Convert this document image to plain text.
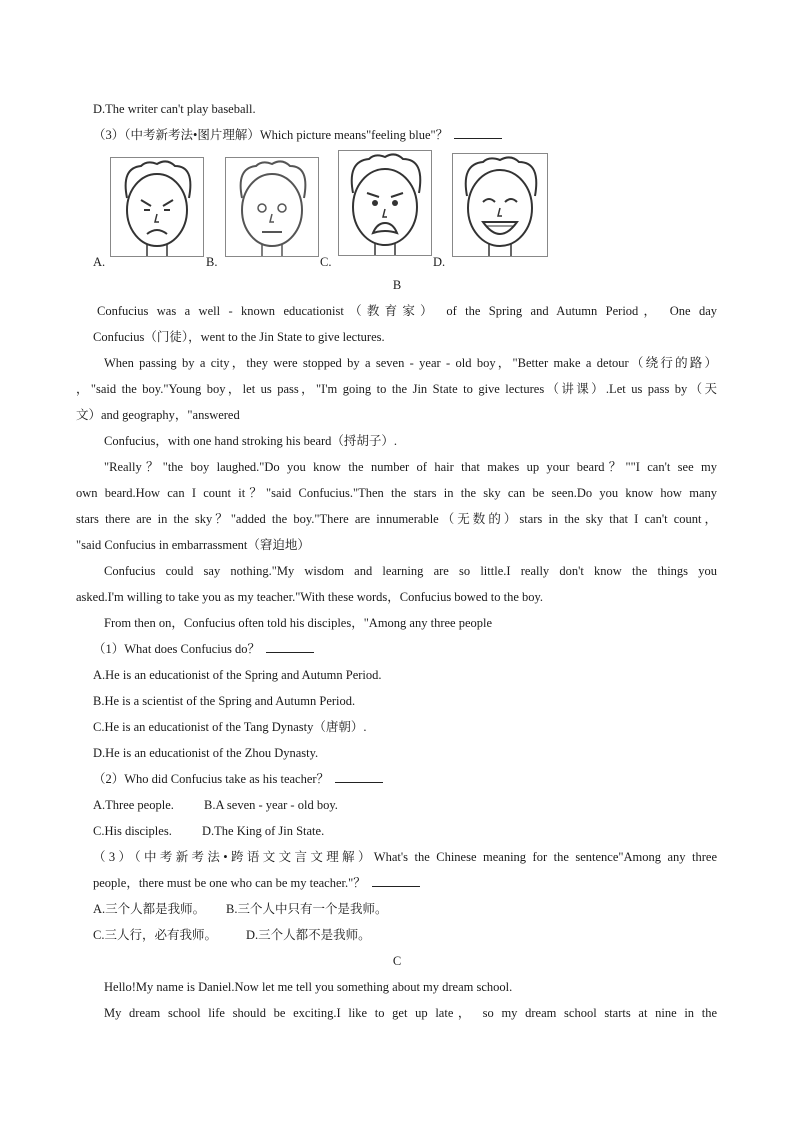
D.The writer can't play baseball.
（3）（中考新考法•图片理解）Which picture means"feeling blue"？
A.	B.	C.	D.
B
Confucius was a well - known educationist（教育家） of the Spring and Autumn Period， One day
Confucius（门徒），went to the Jin State to give lectures.
When passing by a city，they were stopped by a seven - year - old boy，"Better make a detour（绕行的路）
，"said the boy."Young boy，let us pass，"I'm going to the Jin State to give lectures（讲课）.Let us pass by（天
文）and geography，"answered
Confucius，with one hand stroking his beard（捋胡子）.
"Really？"the boy laughed."Do you know the number of hair that makes up your beard？""I can't see my
own beard.How can I count it？"said Confucius."Then the stars in the sky can be seen.Do you know how many
stars there are in the sky？"added the boy."There are innumerable（无数的）stars in the sky that I can't count，
"said Confucius in embarrassment（窘迫地）
Confucius could say nothing."My wisdom and learning are so little.I really don't know the things you
asked.I'm willing to take you as my teacher."With these words，Confucius bowed to the boy.
From then on，Confucius often told his disciples，"Among any three people
（1）What does Confucius do？
A.He is an educationist of the Spring and Autumn Period.
B.He is a scientist of the Spring and Autumn Period.
C.He is an educationist of the Tang Dynasty（唐朝）.
D.He is an educationist of the Zhou Dynasty.
（2）Who did Confucius take as his teacher？
A.Three people. B.A seven - year - old boy.
C.His disciples. D.The King of Jin State.
（3）（中考新考法•跨语文文言文理解）What's the Chinese meaning for the sentence"Among any three
people，there must be one who can be my teacher."？
A.三个人都是我师。 B.三个人中只有一个是我师。
C.三人行，必有我师。 D.三个人都不是我师。
C
Hello!My name is Daniel.Now let me tell you something about my dream school.
My dream school life should be exciting.I like to get up late， so my dream school starts at nine in the
